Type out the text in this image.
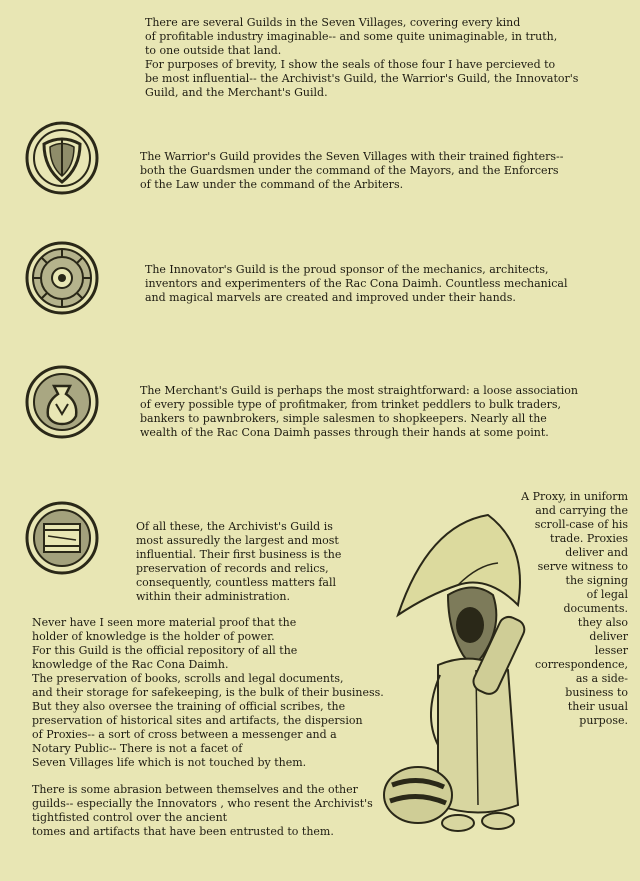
There are several Guilds in the Seven Villages, covering every kind
of profitable industry imaginable-- and some quite unimaginable, in truth,
to one outside that land.
For purposes of brevity, I show the seals of those four I have percieved to
be most influential-- the Archivist's Guild, the Warrior's Guild, the Innovator's
Guild, and the Merchant's Guild.
The Warrior's Guild provides the Seven Villages with their trained fighters--
both the Guardsmen under the command of the Mayors, and the Enforcers
of the Law under the command of the Arbiters.
The Innovator's Guild is the proud sponsor of the mechanics, architects,
inventors and experimenters of the Rac Cona Daimh. Countless mechanical
and magical marvels are created and improved under their hands.
The Merchant's Guild is perhaps the most straightforward: a loose association
of every possible type of profitmaker, from trinket peddlers to bulk traders,
bankers to pawnbrokers, simple salesmen to shopkeepers. Nearly all the
wealth of the Rac Cona Daimh passes through their hands at some point.
Of all these, the Archivist's Guild is
most assuredly the largest and most
influential. Their first business is the
preservation of records and relics,
consequently, countless matters fall
within their administration.
Never have I seen more material proof that the
holder of knowledge is the holder of power.
For this Guild is the official repository of all the
knowledge of the Rac Cona Daimh.
The preservation of books, scrolls and legal documents,
and their storage for safekeeping, is the bulk of their business.
But they also oversee the training of official scribes, the
preservation of historical sites and artifacts, the dispersion
of Proxies-- a sort of cross between a messenger and a
Notary Public-- There is not a facet of
Seven Villages life which is not touched by them.
There is some abrasion between themselves and the other
guilds-- especially the Innovators , who resent the Archivist's
tightfisted control over the ancient
tomes and artifacts that have been entrusted to them.
A Proxy, in uniform
and carrying the
scroll-case of his
trade. Proxies
deliver and
serve witness to
the signing
of legal
documents.
they also
deliver
lesser
correspondence,
as a side-
business to
their usual
purpose.
